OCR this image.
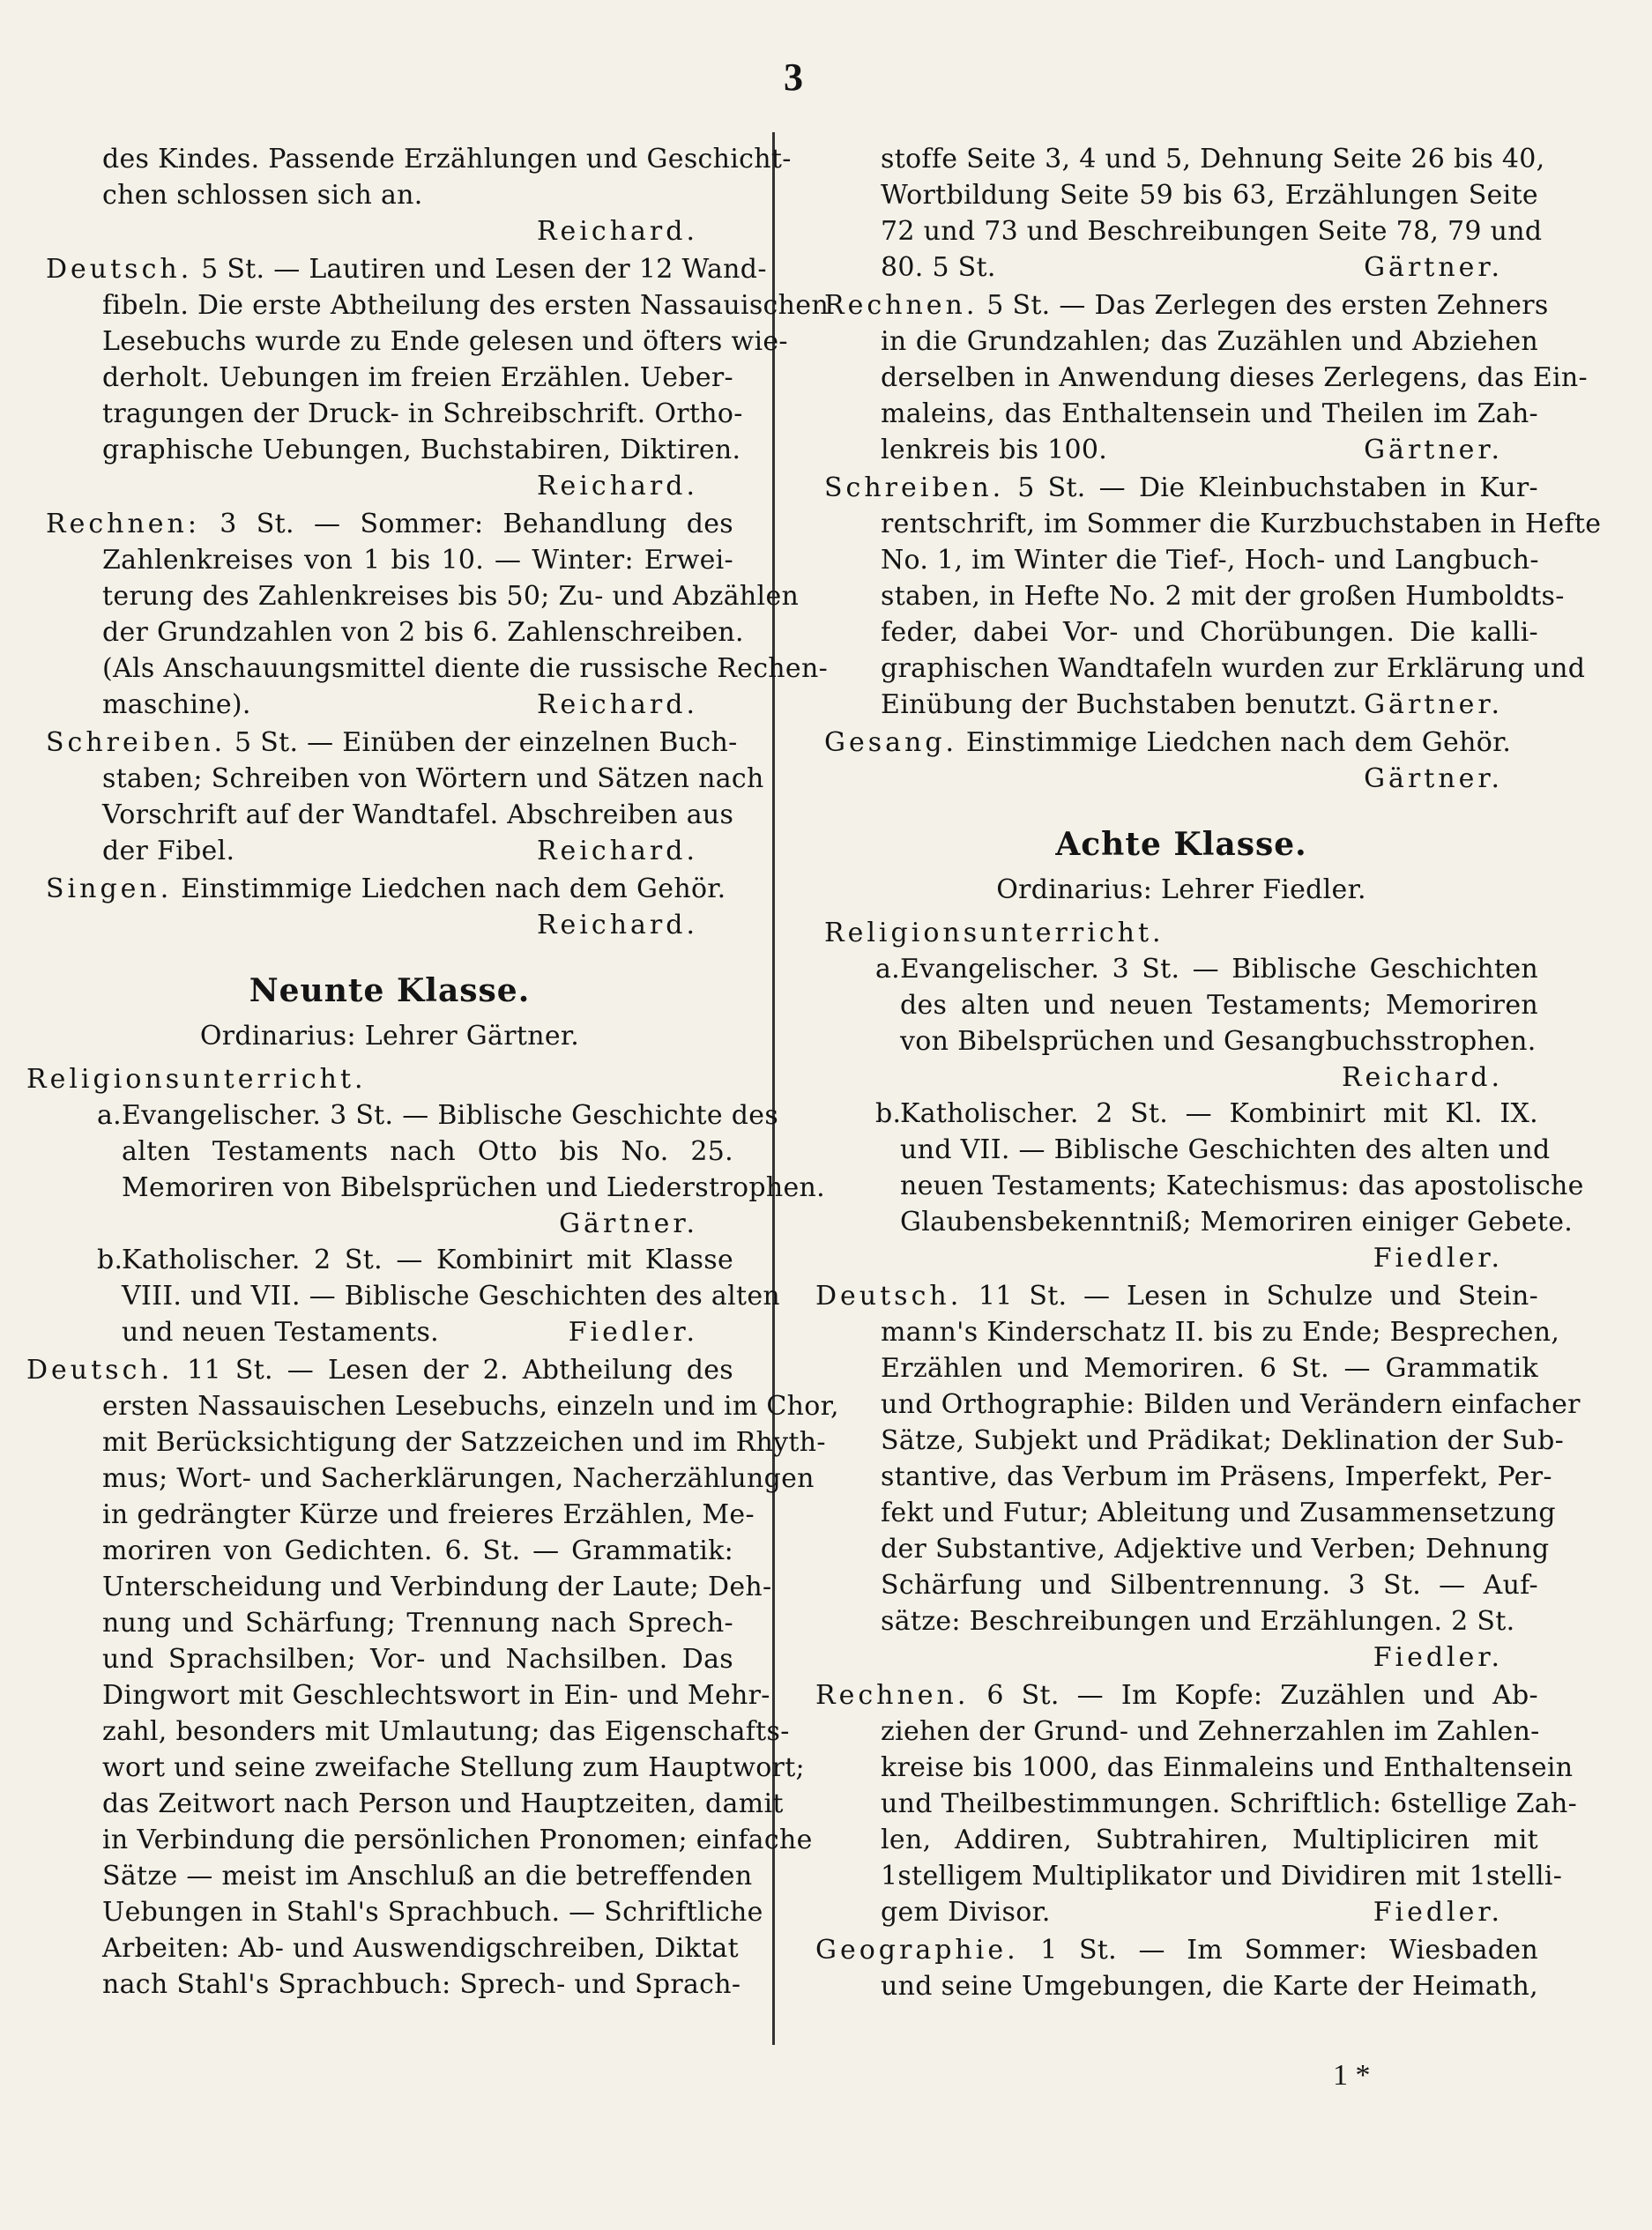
3
des Kindes. Passende Erzählungen und Geschicht-
chen schlossen sich an.
Reichard.
Deutsch. 5 St. — Lautiren und Lesen der 12 Wand-
fibeln. Die erste Abtheilung des ersten Nassauischen
Lesebuchs wurde zu Ende gelesen und öfters wie-
derholt. Uebungen im freien Erzählen. Ueber-
tragungen der Druck- in Schreibschrift. Ortho-
graphische Uebungen, Buchstabiren, Diktiren.
Reichard.
Rechnen: 3 St. — Sommer: Behandlung des
Zahlenkreises von 1 bis 10. — Winter: Erwei-
terung des Zahlenkreises bis 50; Zu- und Abzählen
der Grundzahlen von 2 bis 6. Zahlenschreiben.
(Als Anschauungsmittel diente die russische Rechen-
maschine).	Reichard.
Schreiben. 5 St. — Einüben der einzelnen Buch-
staben; Schreiben von Wörtern und Sätzen nach
Vorschrift auf der Wandtafel. Abschreiben aus
der Fibel.	Reichard.
Singen. Einstimmige Liedchen nach dem Gehör.
Reichard.
Neunte Klasse.
Ordinarius: Lehrer Gärtner.
Religionsunterricht.
a. Evangelischer. 3 St. — Biblische Geschichte des
alten Testaments nach Otto bis No. 25.
Memoriren von Bibelsprüchen und Liederstrophen.
Gärtner.
b.
Katholischer. 2 St. — Kombinirt mit Klasse
VIII. und VII. — Biblische Geschichten des alten
und neuen Testaments.	Fiedler.
Deutsch. 11 St. — Lesen der 2. Abtheilung des
ersten Nassauischen Lesebuchs, einzeln und im Chor,
mit Berücksichtigung der Satzzeichen und im Rhyth-
mus; Wort- und Sacherklärungen, Nacherzählungen
in gedrängter Kürze und freieres Erzählen, Me-
moriren von Gedichten. 6. St. — Grammatik:
Unterscheidung und Verbindung der Laute; Deh-
nung und Schärfung; Trennung nach Sprech-
und Sprachsilben; Vor- und Nachsilben. Das
Dingwort mit Geschlechtswort in Ein- und Mehr-
zahl, besonders mit Umlautung; das Eigenschafts-
wort und seine zweifache Stellung zum Hauptwort;
das Zeitwort nach Person und Hauptzeiten, damit
in Verbindung die persönlichen Pronomen; einfache
Sätze — meist im Anschluß an die betreffenden
Uebungen in Stahl's Sprachbuch. — Schriftliche
Arbeiten: Ab- und Auswendigschreiben, Diktat
nach Stahl's Sprachbuch: Sprech- und Sprach-
stoffe Seite 3, 4 und 5, Dehnung Seite 26 bis 40,
Wortbildung Seite 59 bis 63, Erzählungen Seite
72 und 73 und Beschreibungen Seite 78, 79 und
80. 5 St.	Gärtner.
Rechnen. 5 St. — Das Zerlegen des ersten Zehners
in die Grundzahlen; das Zuzählen und Abziehen
derselben in Anwendung dieses Zerlegens, das Ein-
maleins, das Enthaltensein und Theilen im Zah-
lenkreis bis 100.	Gärtner.
Schreiben. 5 St. — Die Kleinbuchstaben in Kur-
rentschrift, im Sommer die Kurzbuchstaben in Hefte
No. 1, im Winter die Tief-, Hoch- und Langbuch-
staben, in Hefte No. 2 mit der großen Humboldts-
feder, dabei Vor- und Chorübungen. Die kalli-
graphischen Wandtafeln wurden zur Erklärung und
Einübung der Buchstaben benutzt. Gärtner.
Gesang. Einstimmige Liedchen nach dem Gehör.
Gärtner.
Achte Klasse.
Ordinarius: Lehrer Fiedler.
Religionsunterricht.
a. Evangelischer. 3 St. — Biblische Geschichten
des alten und neuen Testaments; Memoriren
von Bibelsprüchen und Gesangbuchsstrophen.
Reichard.
b.
Katholischer. 2 St. — Kombinirt mit Kl. IX.
und VII. — Biblische Geschichten des alten und
neuen Testaments; Katechismus: das apostolische
Glaubensbekenntniß; Memoriren einiger Gebete.
Fiedler.
Deutsch. 11 St. — Lesen in Schulze und Stein-
mann's Kinderschatz II. bis zu Ende; Besprechen,
Erzählen und Memoriren. 6 St. — Grammatik
und Orthographie: Bilden und Verändern einfacher
Sätze, Subjekt und Prädikat; Deklination der Sub-
stantive, das Verbum im Präsens, Imperfekt, Per-
fekt und Futur; Ableitung und Zusammensetzung
der Substantive, Adjektive und Verben; Dehnung
Schärfung und Silbentrennung. 3 St. — Auf-
sätze: Beschreibungen und Erzählungen. 2 St.
Fiedler.
Rechnen. 6 St. — Im Kopfe: Zuzählen und Ab-
ziehen der Grund- und Zehnerzahlen im Zahlen-
kreise bis 1000, das Einmaleins und Enthaltensein
und Theilbestimmungen. Schriftlich: 6stellige Zah-
len, Addiren, Subtrahiren, Multipliciren mit
1stelligem Multiplikator und Dividiren mit 1stelli-
gem Divisor.	Fiedler.
Geographie. 1 St. — Im Sommer: Wiesbaden
und seine Umgebungen, die Karte der Heimath,
1 *
